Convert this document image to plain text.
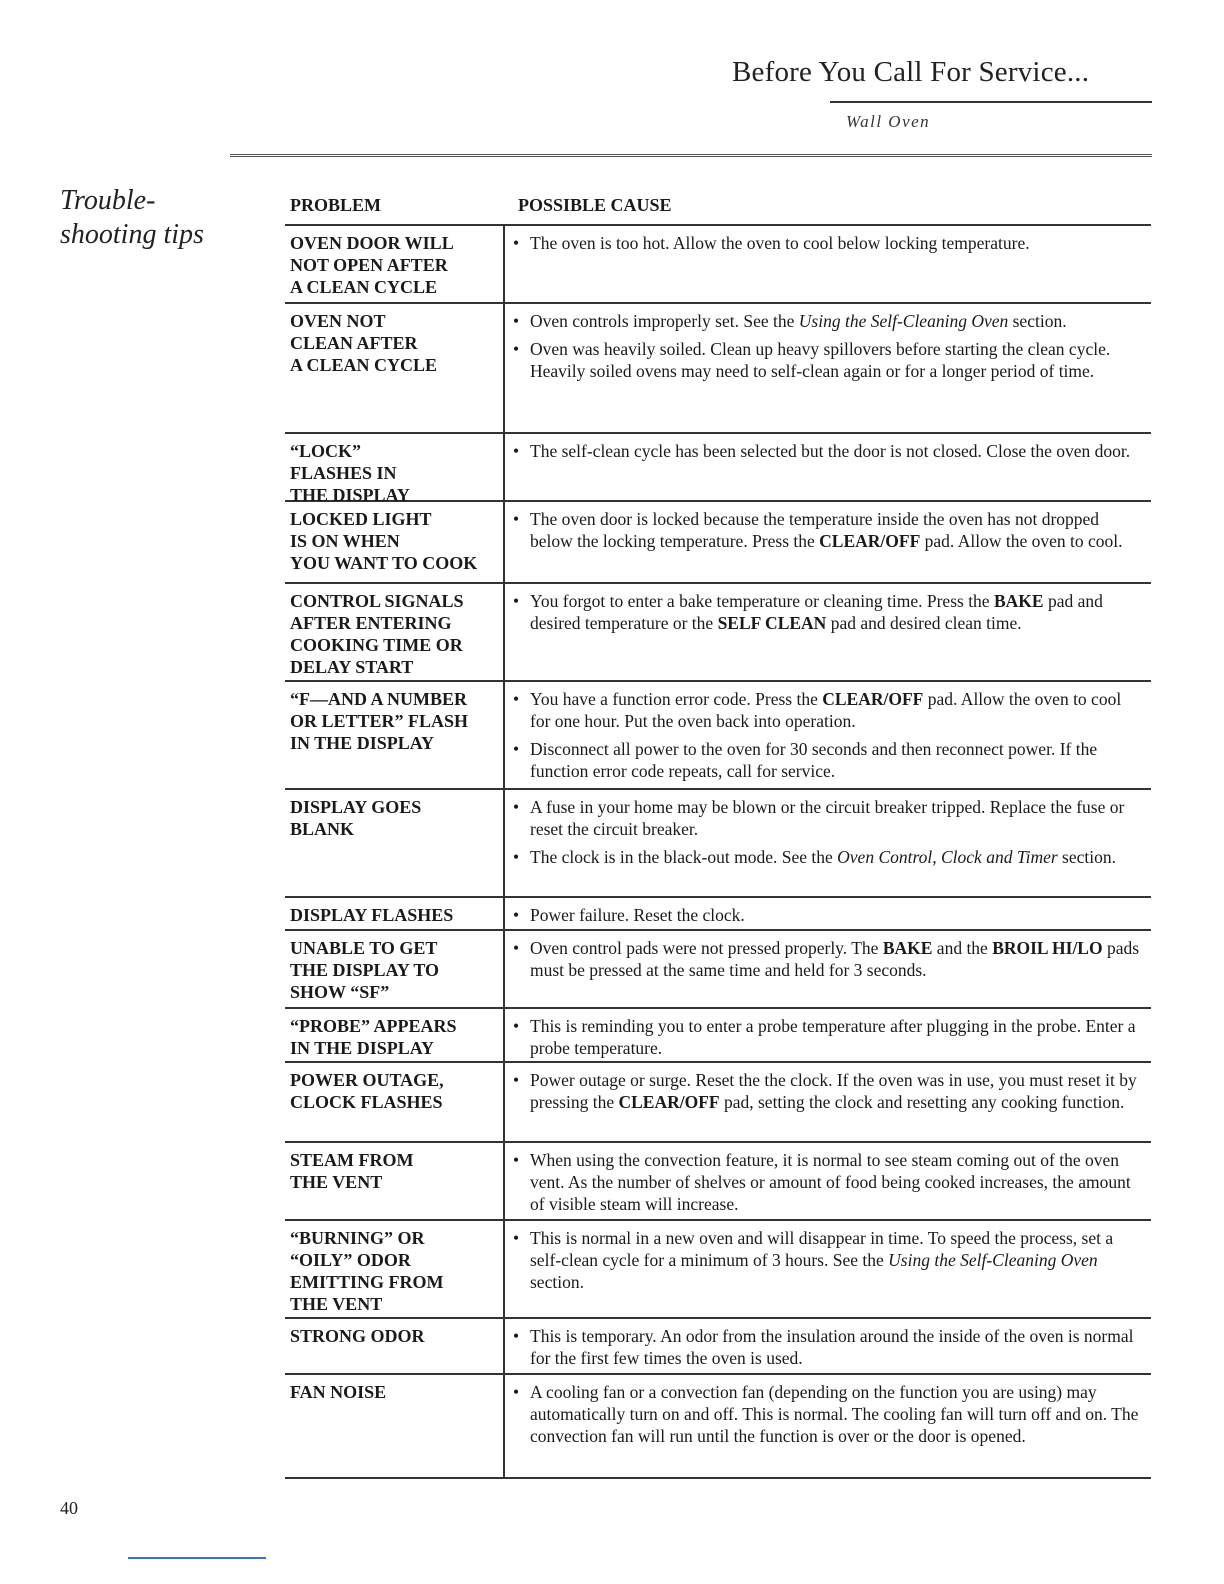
Before You Call For Service...
Wall Oven
Trouble-
shooting tips
PROBLEM	POSSIBLE CAUSE
OVEN DOOR WILL
NOT OPEN AFTER
A CLEAN CYCLE
• The oven is too hot. Allow the oven to cool below locking temperature.
OVEN NOT
CLEAN AFTER
A CLEAN CYCLE
• Oven controls improperly set. See the Using the Self-Cleaning Oven section.
• Oven was heavily soiled. Clean up heavy spillovers before starting the clean cycle. Heavily soiled ovens may need to self-clean again or for a longer period of time.
“LOCK”
FLASHES IN
THE DISPLAY
• The self-clean cycle has been selected but the door is not closed. Close the oven door.
LOCKED LIGHT
IS ON WHEN
YOU WANT TO COOK
• The oven door is locked because the temperature inside the oven has not dropped below the locking temperature. Press the CLEAR/OFF pad. Allow the oven to cool.
CONTROL SIGNALS
AFTER ENTERING
COOKING TIME OR
DELAY START
• You forgot to enter a bake temperature or cleaning time. Press the BAKE pad and desired temperature or the SELF CLEAN pad and desired clean time.
“F—AND A NUMBER
OR LETTER” FLASH
IN THE DISPLAY
• You have a function error code. Press the CLEAR/OFF pad. Allow the oven to cool for one hour. Put the oven back into operation.
• Disconnect all power to the oven for 30 seconds and then reconnect power. If the function error code repeats, call for service.
DISPLAY GOES
BLANK
• A fuse in your home may be blown or the circuit breaker tripped. Replace the fuse or reset the circuit breaker.
• The clock is in the black-out mode. See the Oven Control, Clock and Timer section.
DISPLAY FLASHES	• Power failure. Reset the clock.
UNABLE TO GET
THE DISPLAY TO
SHOW “SF”
• Oven control pads were not pressed properly. The BAKE and the BROIL HI/LO pads must be pressed at the same time and held for 3 seconds.
“PROBE” APPEARS
IN THE DISPLAY
• This is reminding you to enter a probe temperature after plugging in the probe. Enter a probe temperature.
POWER OUTAGE,
CLOCK FLASHES
• Power outage or surge. Reset the the clock. If the oven was in use, you must reset it by pressing the CLEAR/OFF pad, setting the clock and resetting any cooking function.
STEAM FROM
THE VENT
• When using the convection feature, it is normal to see steam coming out of the oven vent. As the number of shelves or amount of food being cooked increases, the amount of visible steam will increase.
“BURNING” OR
“OILY” ODOR
EMITTING FROM
THE VENT
• This is normal in a new oven and will disappear in time. To speed the process, set a self-clean cycle for a minimum of 3 hours. See the Using the Self-Cleaning Oven section.
STRONG ODOR	• This is temporary. An odor from the insulation around the inside of the oven is normal for the first few times the oven is used.
FAN NOISE	• A cooling fan or a convection fan (depending on the function you are using) may automatically turn on and off. This is normal. The cooling fan will turn off and on. The convection fan will run until the function is over or the door is opened.
40
